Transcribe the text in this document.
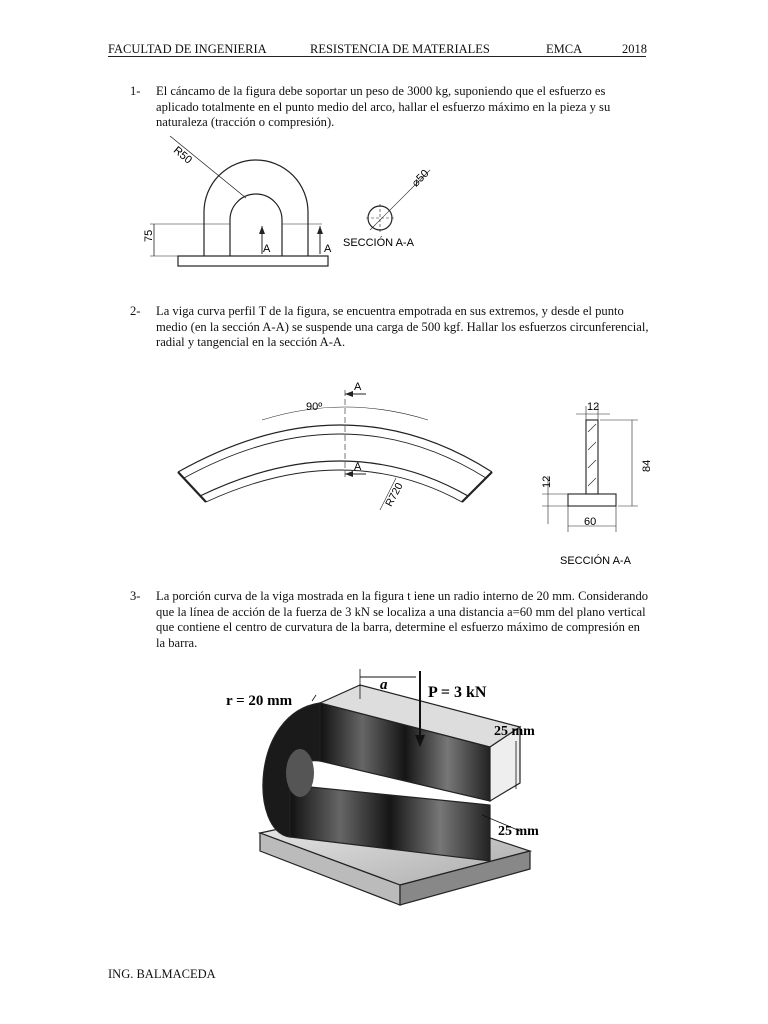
FACULTAD DE INGENIERIA	RESISTENCIA DE MATERIALES	EMCA	2018
1- El cáncamo de la figura debe soportar un peso de 3000 kg, suponiendo que el esfuerzo es aplicado totalmente en el punto medio del arco, hallar el esfuerzo máximo en la pieza y su naturaleza (tracción o compresión).
R50
75
A	A
⌀50
SECCIÓN A-A
2- La viga curva perfil T de la figura, se encuentra empotrada en sus extremos, y desde el punto medio (en la sección A-A) se suspende una carga de 500 kgf. Hallar los esfuerzos circunferencial, radial y tangencial en la sección A-A.
90º
A
A
R720
12
84
12
60
SECCIÓN A-A
3- La porción curva de la viga mostrada en la figura t iene un radio interno de 20 mm. Considerando que la línea de acción de la fuerza de 3 kN se localiza a una distancia a=60 mm del plano vertical que contiene el centro de curvatura de la barra, determine el esfuerzo máximo de compresión en la barra.
r = 20 mm
a	P = 3 kN
25 mm
25 mm
ING. BALMACEDA
